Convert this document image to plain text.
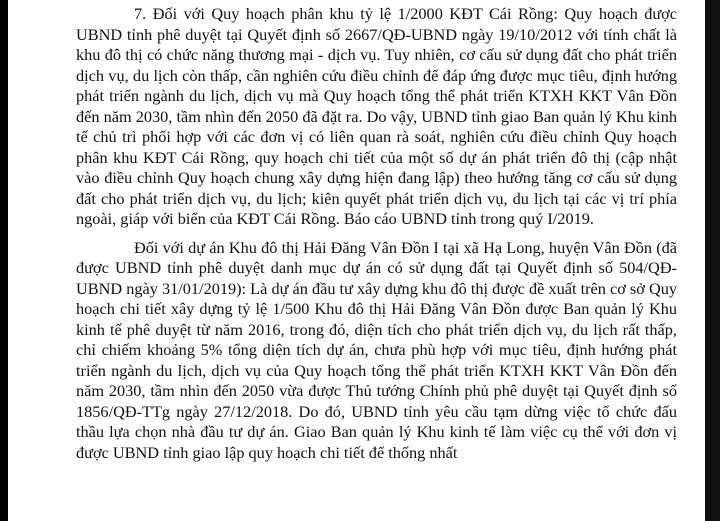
7. Đối với Quy hoạch phân khu tỷ lệ 1/2000 KĐT Cái Rồng: Quy hoạch được UBND tỉnh phê duyệt tại Quyết định số 2667/QĐ-UBND ngày 19/10/2012 với tính chất là khu đô thị có chức năng thương mại - dịch vụ. Tuy nhiên, cơ cấu sử dụng đất cho phát triển dịch vụ, du lịch còn thấp, cần nghiên cứu điều chỉnh để đáp ứng được mục tiêu, định hướng phát triển ngành du lịch, dịch vụ mà Quy hoạch tổng thể phát triển KTXH KKT Vân Đồn đến năm 2030, tầm nhìn đến 2050 đã đặt ra. Do vậy, UBND tỉnh giao Ban quản lý Khu kinh tế chủ trì phối hợp với các đơn vị có liên quan rà soát, nghiên cứu điều chỉnh Quy hoạch phân khu KĐT Cái Rồng, quy hoạch chi tiết của một số dự án phát triển đô thị (cập nhật vào điều chỉnh Quy hoạch chung xây dựng hiện đang lập) theo hướng tăng cơ cấu sử dụng đất cho phát triển dịch vụ, du lịch; kiên quyết phát triển dịch vụ, du lịch tại các vị trí phía ngoài, giáp với biển của KĐT Cái Rồng. Báo cáo UBND tỉnh trong quý I/2019.

Đối với dự án Khu đô thị Hải Đăng Vân Đồn I tại xã Hạ Long, huyện Vân Đồn (đã được UBND tỉnh phê duyệt danh mục dự án có sử dụng đất tại Quyết định số 504/QĐ-UBND ngày 31/01/2019): Là dự án đầu tư xây dựng khu đô thị được đề xuất trên cơ sở Quy hoạch chi tiết xây dựng tỷ lệ 1/500 Khu đô thị Hải Đăng Vân Đồn được Ban quản lý Khu kinh tế phê duyệt từ năm 2016, trong đó, diện tích cho phát triển dịch vụ, du lịch rất thấp, chỉ chiếm khoảng 5% tổng diện tích dự án, chưa phù hợp với mục tiêu, định hướng phát triển ngành du lịch, dịch vụ của Quy hoạch tổng thể phát triển KTXH KKT Vân Đồn đến năm 2030, tầm nhìn đến 2050 vừa được Thủ tướng Chính phủ phê duyệt tại Quyết định số 1856/QĐ-TTg ngày 27/12/2018. Do đó, UBND tỉnh yêu cầu tạm dừng việc tổ chức đấu thầu lựa chọn nhà đầu tư dự án. Giao Ban quản lý Khu kinh tế làm việc cụ thể với đơn vị được UBND tỉnh giao lập quy hoạch chi tiết để thống nhất
